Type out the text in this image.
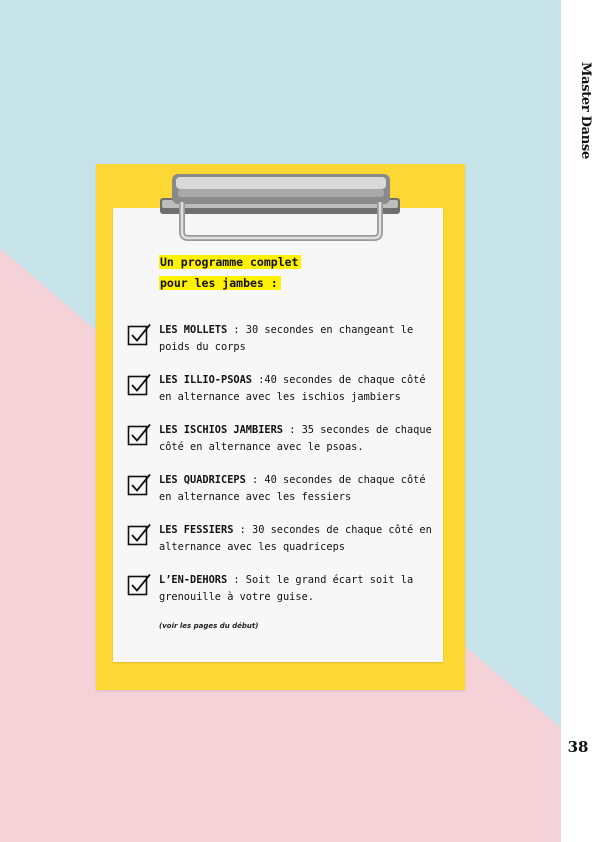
Un programme complet
pour les jambes :
LES MOLLETS : 30 secondes en changeant le poids du corps
LES ILLIO-PSOAS :40 secondes de chaque côté en alternance avec les ischios jambiers
LES ISCHIOS JAMBIERS : 35 secondes de chaque côté en alternance avec le psoas.
LES QUADRICEPS : 40 secondes de chaque côté en alternance avec les fessiers
LES FESSIERS : 30 secondes de chaque côté en alternance avec les quadriceps
L’EN-DEHORS : Soit le grand écart soit la grenouille à votre guise.
(voir les pages du début)
Master Danse
38
